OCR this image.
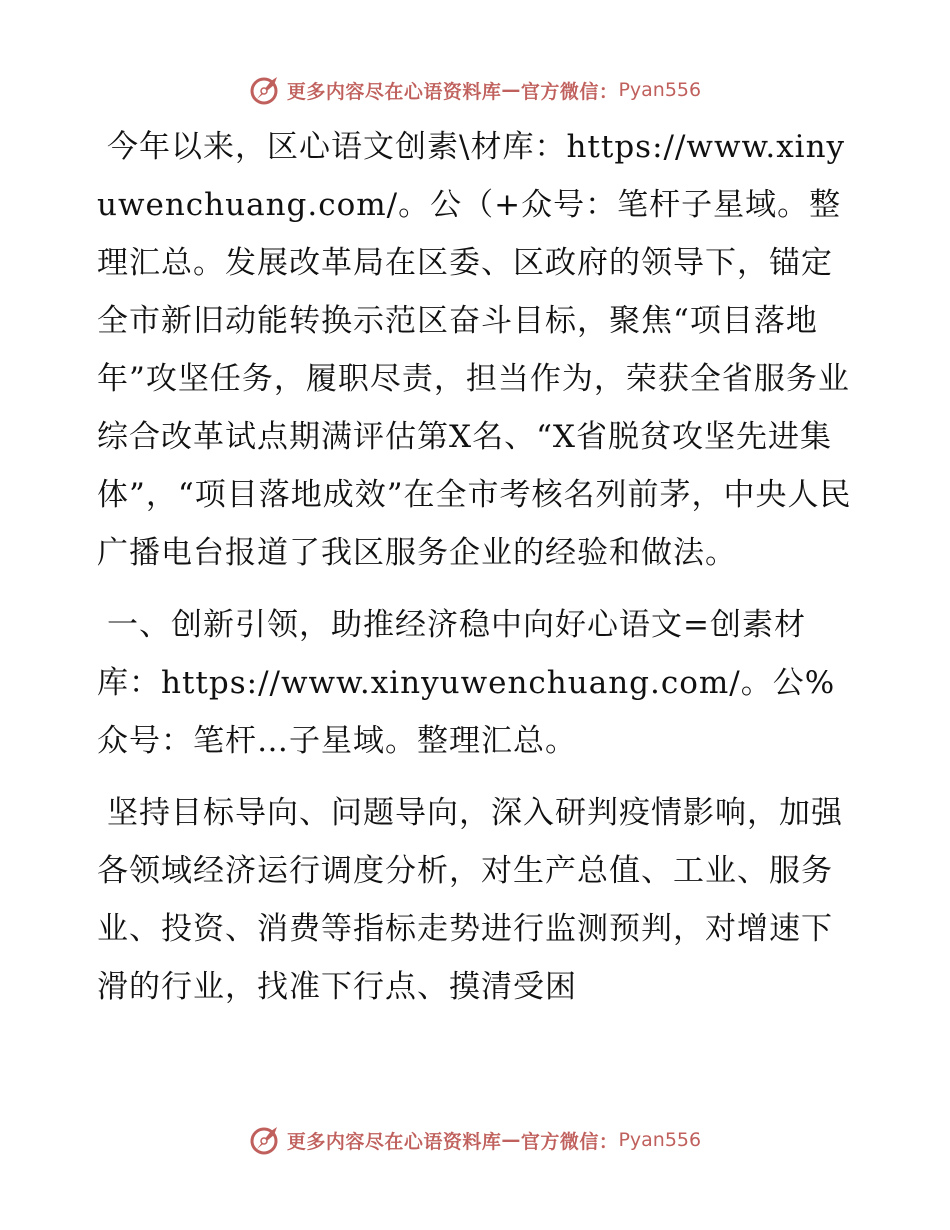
更多内容尽在心语资料库 — 官方微信： Pyan556

今年以来，区心语文创素\材库：https://www.xinyuwenchuang.com/。公（+众号：笔杆子星域。整理汇总。发展改革局在区委、区政府的领导下，锚定全市新旧动能转换示范区奋斗目标，聚焦“项目落地年”攻坚任务，履职尽责，担当作为，荣获全省服务业综合改革试点期满评估第X名、“X省脱贫攻坚先进集体”，“项目落地成效”在全市考核名列前茅，中央人民广播电台报道了我区服务企业的经验和做法。

一、创新引领，助推经济稳中向好心语文=创素材库：https://www.xinyuwenchuang.com/。公%众号：笔杆…子星域。整理汇总。

坚持目标导向、问题导向，深入研判疫情影响，加强各领域经济运行调度分析，对生产总值、工业、服务业、投资、消费等指标走势进行监测预判，对增速下滑的行业，找准下行点、摸清受困

更多内容尽在心语资料库 — 官方微信： Pyan556
